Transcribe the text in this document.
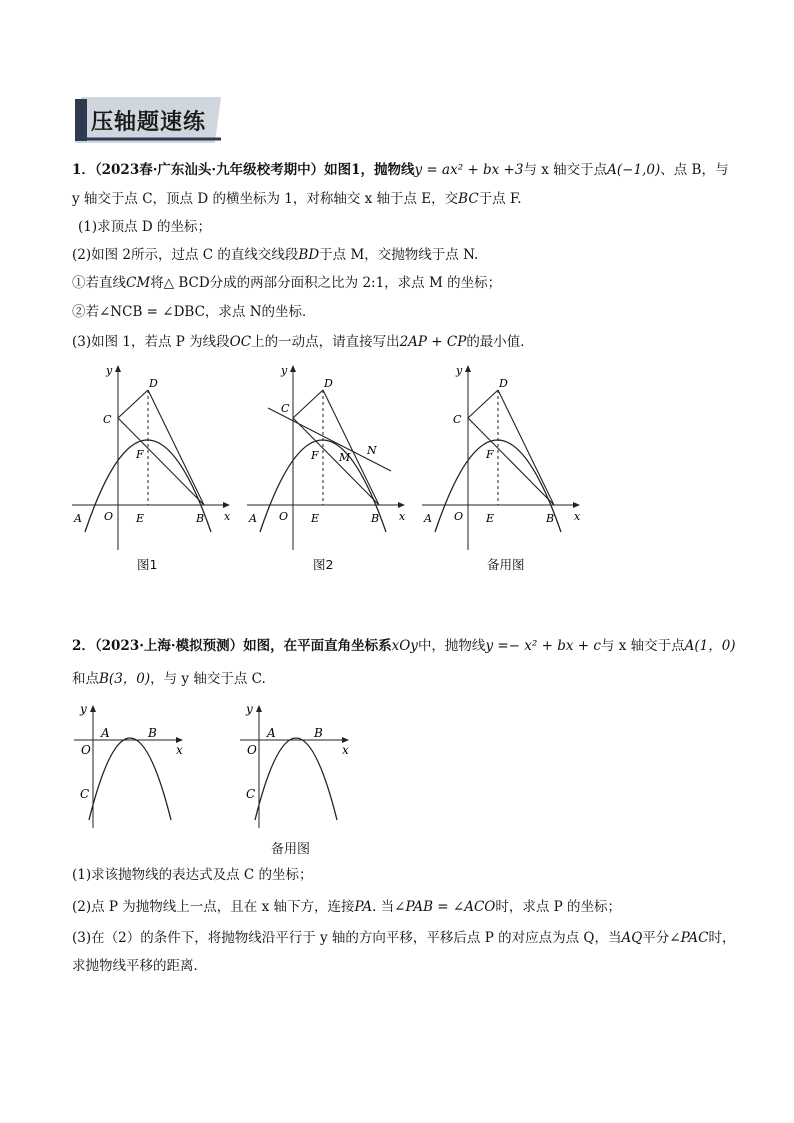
压轴题速练
1．（2023春·广东汕头·九年级校考期中）如图1，抛物线y = ax² + bx +3与 x 轴交于点A(−1,0)、点 B，与
y 轴交于点 C，顶点 D 的横坐标为 1，对称轴交 x 轴于点 E，交BC于点 F.
(1)求顶点 D 的坐标；
(2)如图 2所示，过点 C 的直线交线段BD于点 M，交抛物线于点 N.
①若直线CM将△ BCD分成的两部分面积之比为 2:1，求点 M 的坐标；
②若∠NCB = ∠DBC，求点 N的坐标．
(3)如图 1，若点 P 为线段OC上的一动点，请直接写出2AP + CP的最小值．
y
x
O
A	B
C
D
E
F
图1
y
x
O
A	B
C
D
E
F M
N
图2
y
x
O
A	B
C
D
E
F
备用图
2．（2023·上海·模拟预测）如图，在平面直角坐标系xOy中，抛物线y =− x² + bx + c与 x 轴交于点A(1，0)
和点B(3，0)，与 y 轴交于点 C.
y
x
O
A	B
C
y
x
O
A	B
C
备用图
(1)求该抛物线的表达式及点 C 的坐标；
(2)点 P 为抛物线上一点，且在 x 轴下方，连接PA. 当∠PAB = ∠ACO时，求点 P 的坐标；
(3)在（2）的条件下，将抛物线沿平行于 y 轴的方向平移，平移后点 P 的对应点为点 Q，当AQ平分∠PAC时，
求抛物线平移的距离．
